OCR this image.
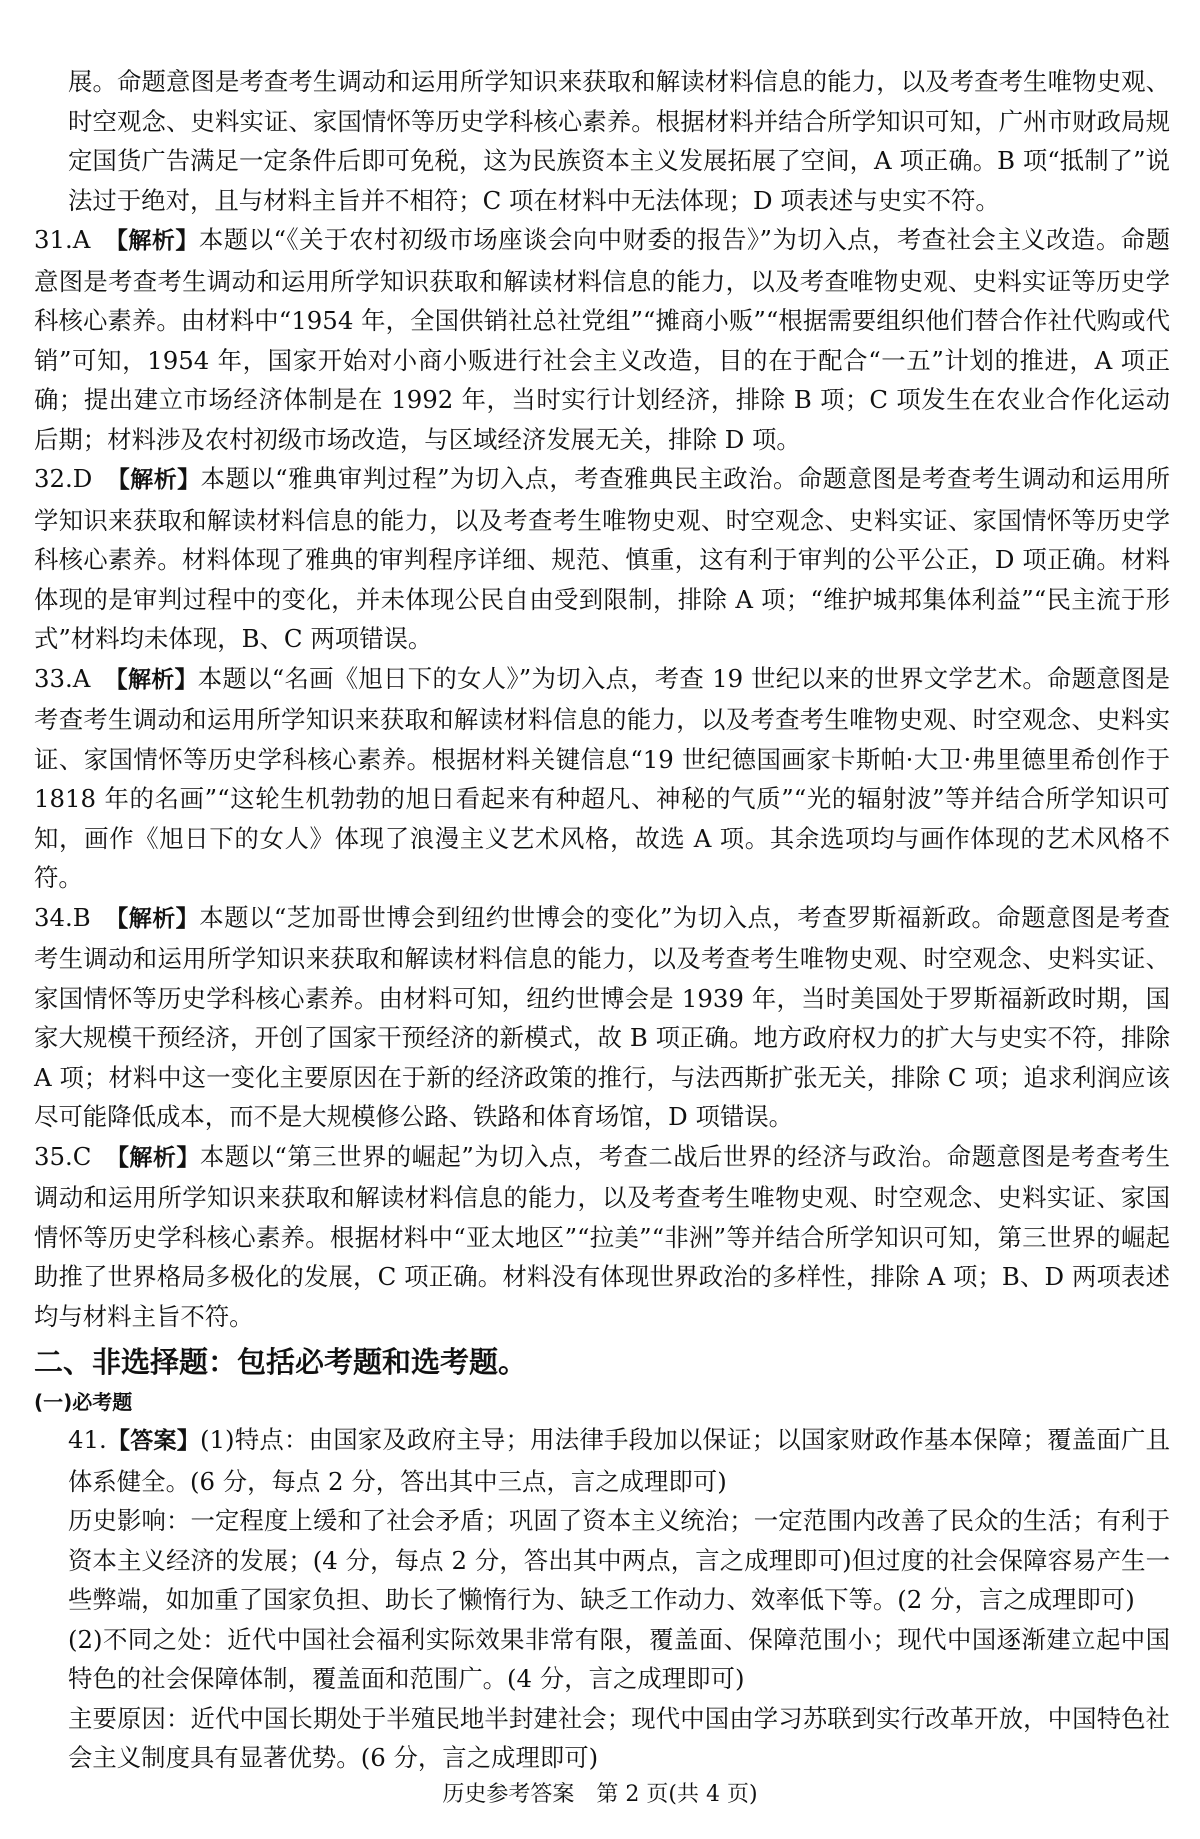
展。命题意图是考查考生调动和运用所学知识来获取和解读材料信息的能力，以及考查考生唯物史观、时空观念、史料实证、家国情怀等历史学科核心素养。根据材料并结合所学知识可知，广州市财政局规定国货广告满足一定条件后即可免税，这为民族资本主义发展拓展了空间，A 项正确。B 项“抵制了”说法过于绝对，且与材料主旨并不相符；C 项在材料中无法体现；D 项表述与史实不符。

31.A 【解析】本题以“《关于农村初级市场座谈会向中财委的报告》”为切入点，考查社会主义改造。命题意图是考查考生调动和运用所学知识获取和解读材料信息的能力，以及考查唯物史观、史料实证等历史学科核心素养。由材料中“1954 年，全国供销社总社党组”“摊商小贩”“根据需要组织他们替合作社代购或代销”可知，1954 年，国家开始对小商小贩进行社会主义改造，目的在于配合“一五”计划的推进，A 项正确；提出建立市场经济体制是在 1992 年，当时实行计划经济，排除 B 项；C 项发生在农业合作化运动后期；材料涉及农村初级市场改造，与区域经济发展无关，排除 D 项。

32.D 【解析】本题以“雅典审判过程”为切入点，考查雅典民主政治。命题意图是考查考生调动和运用所学知识来获取和解读材料信息的能力，以及考查考生唯物史观、时空观念、史料实证、家国情怀等历史学科核心素养。材料体现了雅典的审判程序详细、规范、慎重，这有利于审判的公平公正，D 项正确。材料体现的是审判过程中的变化，并未体现公民自由受到限制，排除 A 项；“维护城邦集体利益”“民主流于形式”材料均未体现，B、C 两项错误。

33.A 【解析】本题以“名画《旭日下的女人》”为切入点，考查 19 世纪以来的世界文学艺术。命题意图是考查考生调动和运用所学知识来获取和解读材料信息的能力，以及考查考生唯物史观、时空观念、史料实证、家国情怀等历史学科核心素养。根据材料关键信息“19 世纪德国画家卡斯帕·大卫·弗里德里希创作于 1818 年的名画”“这轮生机勃勃的旭日看起来有种超凡、神秘的气质”“光的辐射波”等并结合所学知识可知，画作《旭日下的女人》体现了浪漫主义艺术风格，故选 A 项。其余选项均与画作体现的艺术风格不符。

34.B 【解析】本题以“芝加哥世博会到纽约世博会的变化”为切入点，考查罗斯福新政。命题意图是考查考生调动和运用所学知识来获取和解读材料信息的能力，以及考查考生唯物史观、时空观念、史料实证、家国情怀等历史学科核心素养。由材料可知，纽约世博会是 1939 年，当时美国处于罗斯福新政时期，国家大规模干预经济，开创了国家干预经济的新模式，故 B 项正确。地方政府权力的扩大与史实不符，排除 A 项；材料中这一变化主要原因在于新的经济政策的推行，与法西斯扩张无关，排除 C 项；追求利润应该尽可能降低成本，而不是大规模修公路、铁路和体育场馆，D 项错误。

35.C 【解析】本题以“第三世界的崛起”为切入点，考查二战后世界的经济与政治。命题意图是考查考生调动和运用所学知识来获取和解读材料信息的能力，以及考查考生唯物史观、时空观念、史料实证、家国情怀等历史学科核心素养。根据材料中“亚太地区”“拉美”“非洲”等并结合所学知识可知，第三世界的崛起助推了世界格局多极化的发展，C 项正确。材料没有体现世界政治的多样性，排除 A 项；B、D 两项表述均与材料主旨不符。

二、非选择题：包括必考题和选考题。
(一)必考题

41.【答案】(1)特点：由国家及政府主导；用法律手段加以保证；以国家财政作基本保障；覆盖面广且体系健全。(6 分，每点 2 分，答出其中三点，言之成理即可)

历史影响：一定程度上缓和了社会矛盾；巩固了资本主义统治；一定范围内改善了民众的生活；有利于资本主义经济的发展；(4 分，每点 2 分，答出其中两点，言之成理即可)但过度的社会保障容易产生一些弊端，如加重了国家负担、助长了懒惰行为、缺乏工作动力、效率低下等。(2 分，言之成理即可)

(2)不同之处：近代中国社会福利实际效果非常有限，覆盖面、保障范围小；现代中国逐渐建立起中国特色的社会保障体制，覆盖面和范围广。(4 分，言之成理即可)

主要原因：近代中国长期处于半殖民地半封建社会；现代中国由学习苏联到实行改革开放，中国特色社会主义制度具有显著优势。(6 分，言之成理即可)

历史参考答案　第 2 页(共 4 页)
